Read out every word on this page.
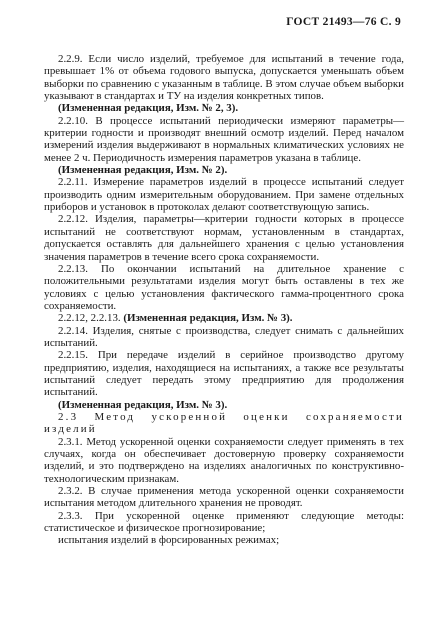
ГОСТ 21493—76 С. 9

2.2.9. Если число изделий, требуемое для испытаний в течение года, превышает 1% от объема годового выпуска, допускается уменьшать объем выборки по сравнению с указанным в таблице. В этом случае объем выборки указывают в стандартах и ТУ на изделия конкретных типов.

(Измененная редакция, Изм. № 2, 3).

2.2.10. В процессе испытаний периодически измеряют параметры—критерии годности и производят внешний осмотр изделий. Перед началом измерений изделия выдерживают в нормальных климатических условиях не менее 2 ч. Периодичность измерения параметров указана в таблице.

(Измененная редакция, Изм. № 2).

2.2.11. Измерение параметров изделий в процессе испытаний следует производить одним измерительным оборудованием. При замене отдельных приборов и установок в протоколах делают соответствующую запись.

2.2.12. Изделия, параметры—критерии годности которых в процессе испытаний не соответствуют нормам, установленным в стандартах, допускается оставлять для дальнейшего хранения с целью установления значения параметров в течение всего срока сохраняемости.

2.2.13. По окончании испытаний на длительное хранение с положительными результатами изделия могут быть оставлены в тех же условиях с целью установления фактического гамма-процентного срока сохраняемости.

2.2.12, 2.2.13. (Измененная редакция, Изм. № 3).

2.2.14. Изделия, снятые с производства, следует снимать с дальнейших испытаний.

2.2.15. При передаче изделий в серийное производство другому предприятию, изделия, находящиеся на испытаниях, а также все результаты испытаний следует передать этому предприятию для продолжения испытаний.

(Измененная редакция, Изм. № 3).

2.3 Метод ускоренной оценки сохраняемости изделий

2.3.1. Метод ускоренной оценки сохраняемости следует применять в тех случаях, когда он обеспечивает достоверную проверку сохраняемости изделий, и это подтверждено на изделиях аналогичных по конструктивно-технологическим признакам.

2.3.2. В случае применения метода ускоренной оценки сохраняемости испытания методом длительного хранения не проводят.

2.3.3. При ускоренной оценке применяют следующие методы: статистическое и физическое прогнозирование;

испытания изделий в форсированных режимах;
